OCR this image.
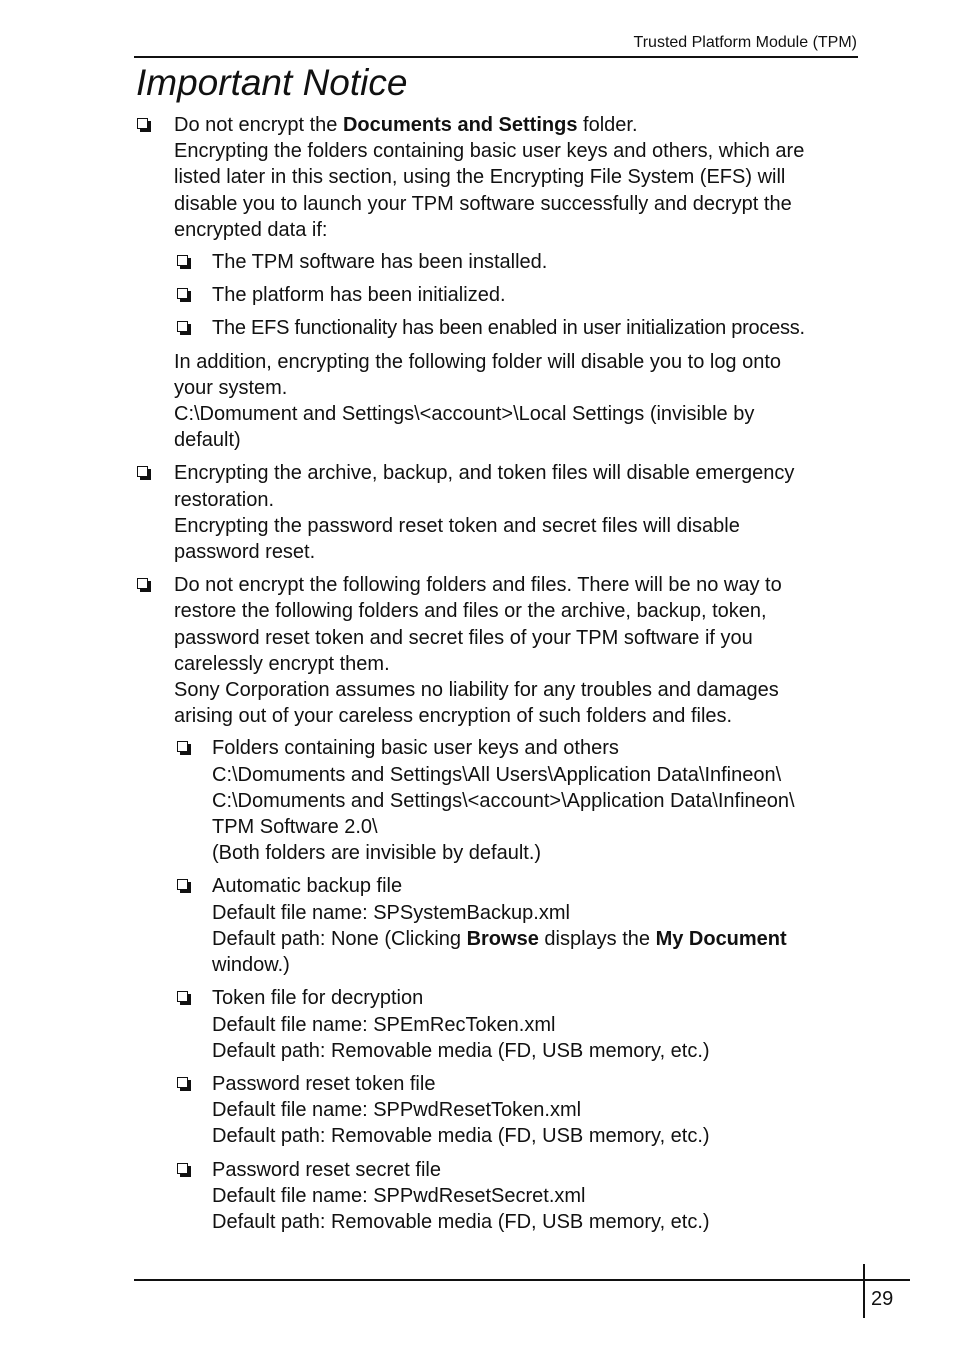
Trusted Platform Module (TPM)
Important Notice
Do not encrypt the Documents and Settings folder.
Encrypting the folders containing basic user keys and others, which are
listed later in this section, using the Encrypting File System (EFS) will
disable you to launch your TPM software successfully and decrypt the
encrypted data if:
The TPM software has been installed.
The platform has been initialized.
The EFS functionality has been enabled in user initialization process.
In addition, encrypting the following folder will disable you to log onto
your system.
C:\Domument and Settings\<account>\Local Settings (invisible by
default)
Encrypting the archive, backup, and token files will disable emergency
restoration.
Encrypting the password reset token and secret files will disable
password reset.
Do not encrypt the following folders and files. There will be no way to
restore the following folders and files or the archive, backup, token,
password reset token and secret files of your TPM software if you
carelessly encrypt them.
Sony Corporation assumes no liability for any troubles and damages
arising out of your careless encryption of such folders and files.
Folders containing basic user keys and others
C:\Domuments and Settings\All Users\Application Data\Infineon\
C:\Domuments and Settings\<account>\Application Data\Infineon\
TPM Software 2.0\
(Both folders are invisible by default.)
Automatic backup file
Default file name: SPSystemBackup.xml
Default path: None (Clicking Browse displays the My Document
window.)
Token file for decryption
Default file name: SPEmRecToken.xml
Default path: Removable media (FD, USB memory, etc.)
Password reset token file
Default file name: SPPwdResetToken.xml
Default path: Removable media (FD, USB memory, etc.)
Password reset secret file
Default file name: SPPwdResetSecret.xml
Default path: Removable media (FD, USB memory, etc.)
29
